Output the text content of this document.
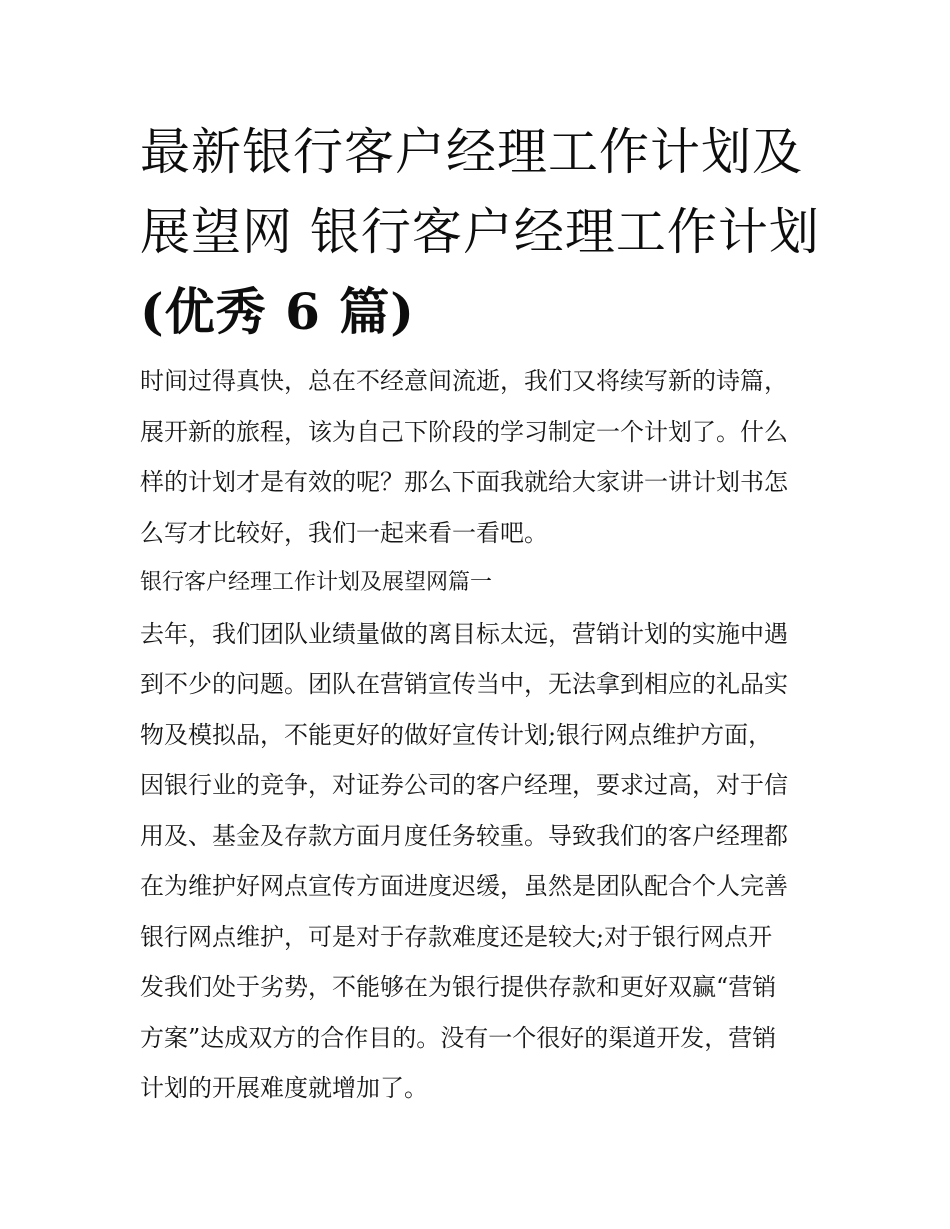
最新银行客户经理工作计划及
展望网 银行客户经理工作计划
(优秀 6 篇)
时间过得真快，总在不经意间流逝，我们又将续写新的诗篇，
展开新的旅程，该为自己下阶段的学习制定一个计划了。什么
样的计划才是有效的呢？那么下面我就给大家讲一讲计划书怎
么写才比较好，我们一起来看一看吧。
银行客户经理工作计划及展望网篇一
去年，我们团队业绩量做的离目标太远，营销计划的实施中遇
到不少的问题。团队在营销宣传当中，无法拿到相应的礼品实
物及模拟品，不能更好的做好宣传计划;银行网点维护方面，
因银行业的竞争，对证券公司的客户经理，要求过高，对于信
用及、基金及存款方面月度任务较重。导致我们的客户经理都
在为维护好网点宣传方面进度迟缓，虽然是团队配合个人完善
银行网点维护，可是对于存款难度还是较大;对于银行网点开
发我们处于劣势，不能够在为银行提供存款和更好双赢“营销
方案”达成双方的合作目的。没有一个很好的渠道开发，营销
计划的开展难度就增加了。
